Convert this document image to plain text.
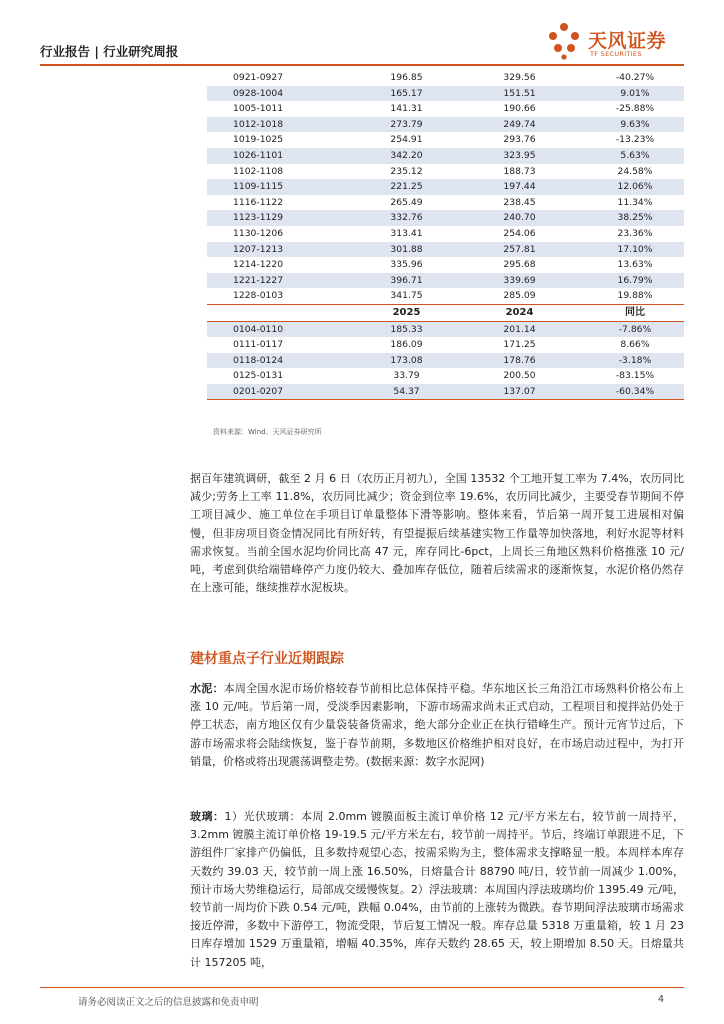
行业报告 | 行业研究周报	天风证券
TF SECURITIES
0921-0927	196.85	329.56	-40.27%
0928-1004	165.17	151.51	9.01%
1005-1011	141.31	190.66	-25.88%
1012-1018	273.79	249.74	9.63%
1019-1025	254.91	293.76	-13.23%
1026-1101	342.20	323.95	5.63%
1102-1108	235.12	188.73	24.58%
1109-1115	221.25	197.44	12.06%
1116-1122	265.49	238.45	11.34%
1123-1129	332.76	240.70	38.25%
1130-1206	313.41	254.06	23.36%
1207-1213	301.88	257.81	17.10%
1214-1220	335.96	295.68	13.63%
1221-1227	396.71	339.69	16.79%
1228-0103	341.75	285.09	19.88%
	2025	2024	同比
0104-0110	185.33	201.14	-7.86%
0111-0117	186.09	171.25	8.66%
0118-0124	173.08	178.76	-3.18%
0125-0131	33.79	200.50	-83.15%
0201-0207	54.37	137.07	-60.34%
资料来源：Wind、天风证券研究所

据百年建筑调研，截至 2 月 6 日（农历正月初九），全国 13532 个工地开复工率为 7.4%，农历同比减少;劳务上工率 11.8%，农历同比减少；资金到位率 19.6%，农历同比减少，主要受春节期间不停工项目减少、施工单位在手项目订单量整体下滑等影响。整体来看，节后第一周开复工进展相对偏慢，但非房项目资金情况同比有所好转，有望提振后续基建实物工作量等加快落地，利好水泥等材料需求恢复。当前全国水泥均价同比高 47 元，库存同比-6pct，上周长三角地区熟料价格推涨 10 元/吨，考虑到供给端错峰停产力度仍较大、叠加库存低位，随着后续需求的逐渐恢复，水泥价格仍然存在上涨可能，继续推荐水泥板块。

建材重点子行业近期跟踪

水泥：本周全国水泥市场价格较春节前相比总体保持平稳。华东地区长三角沿江市场熟料价格公布上涨 10 元/吨。节后第一周，受淡季因素影响，下游市场需求尚未正式启动，工程项目和搅拌站仍处于停工状态，南方地区仅有少量袋装备货需求，绝大部分企业正在执行错峰生产。预计元宵节过后，下游市场需求将会陆续恢复，鉴于春节前期，多数地区价格维护相对良好，在市场启动过程中，为打开销量，价格或将出现震荡调整走势。(数据来源：数字水泥网)

玻璃：1）光伏玻璃：本周 2.0mm 镀膜面板主流订单价格 12 元/平方米左右，较节前一周持平，3.2mm 镀膜主流订单价格 19-19.5 元/平方米左右，较节前一周持平。节后，终端订单跟进不足，下游组件厂家排产仍偏低，且多数持观望心态，按需采购为主，整体需求支撑略显一般。本周样本库存天数约 39.03 天，较节前一周上涨 16.50%，日熔量合计 88790 吨/日，较节前一周减少 1.00%，预计市场大势维稳运行，局部成交缓慢恢复。2）浮法玻璃：本周国内浮法玻璃均价 1395.49 元/吨，较节前一周均价下跌 0.54 元/吨，跌幅 0.04%，由节前的上涨转为微跌。春节期间浮法玻璃市场需求接近停滞，多数中下游停工，物流受限，节后复工情况一般。库存总量 5318 万重量箱，较 1 月 23 日库存增加 1529 万重量箱，增幅 40.35%，库存天数约 28.65 天，较上期增加 8.50 天。日熔量共计 157205 吨，

请务必阅读正文之后的信息披露和免责申明	4
